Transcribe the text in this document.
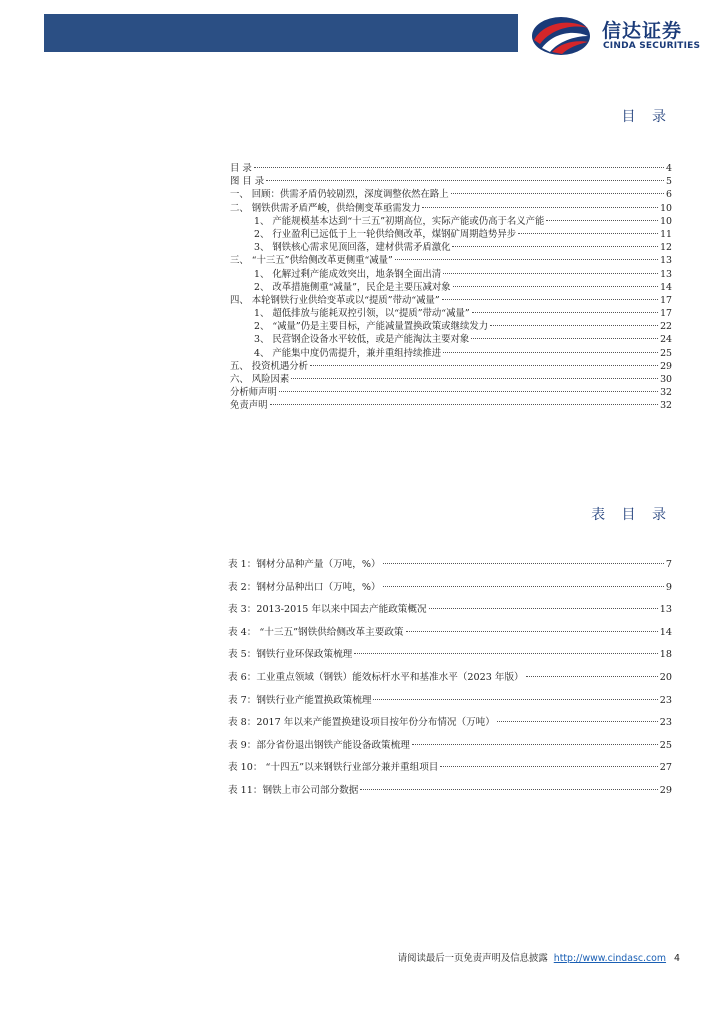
信达证券
CINDA SECURITIES
目 录
目 录	4
图 目 录	5
一、 回顾：供需矛盾仍较剧烈，深度调整依然在路上	6
二、 钢铁供需矛盾严峻，供给侧变革亟需发力	10
1、 产能规模基本达到“十三五”初期高位，实际产能或仍高于名义产能	10
2、 行业盈利已远低于上一轮供给侧改革，煤钢矿周期趋势异步	11
3、 钢铁核心需求见顶回落，建材供需矛盾激化	12
三、 “十三五”供给侧改革更侧重“减量”	13
1、 化解过剩产能成效突出，地条钢全面出清	13
2、 改革措施侧重“减量”，民企是主要压减对象	14
四、 本轮钢铁行业供给变革或以“提质”带动“减量”	17
1、 超低排放与能耗双控引领，以“提质”带动“减量”	17
2、 “减量”仍是主要目标，产能减量置换政策或继续发力	22
3、 民营钢企设备水平较低，或是产能淘汰主要对象	24
4、 产能集中度仍需提升，兼并重组持续推进	25
五、 投资机遇分析	29
六、 风险因素	30
分析师声明	32
免责声明	32
表 目 录
表 1：钢材分品种产量（万吨，%）	7
表 2：钢材分品种出口（万吨，%）	9
表 3：2013-2015 年以来中国去产能政策概况	13
表 4： “十三五”钢铁供给侧改革主要政策	14
表 5：钢铁行业环保政策梳理	18
表 6：工业重点领域（钢铁）能效标杆水平和基准水平（2023 年版）	20
表 7：钢铁行业产能置换政策梳理	23
表 8：2017 年以来产能置换建设项目按年份分布情况（万吨）	23
表 9：部分省份退出钢铁产能设备政策梳理	25
表 10： “十四五”以来钢铁行业部分兼并重组项目	27
表 11：钢铁上市公司部分数据	29
请阅读最后一页免责声明及信息披露 http://www.cindasc.com 4
